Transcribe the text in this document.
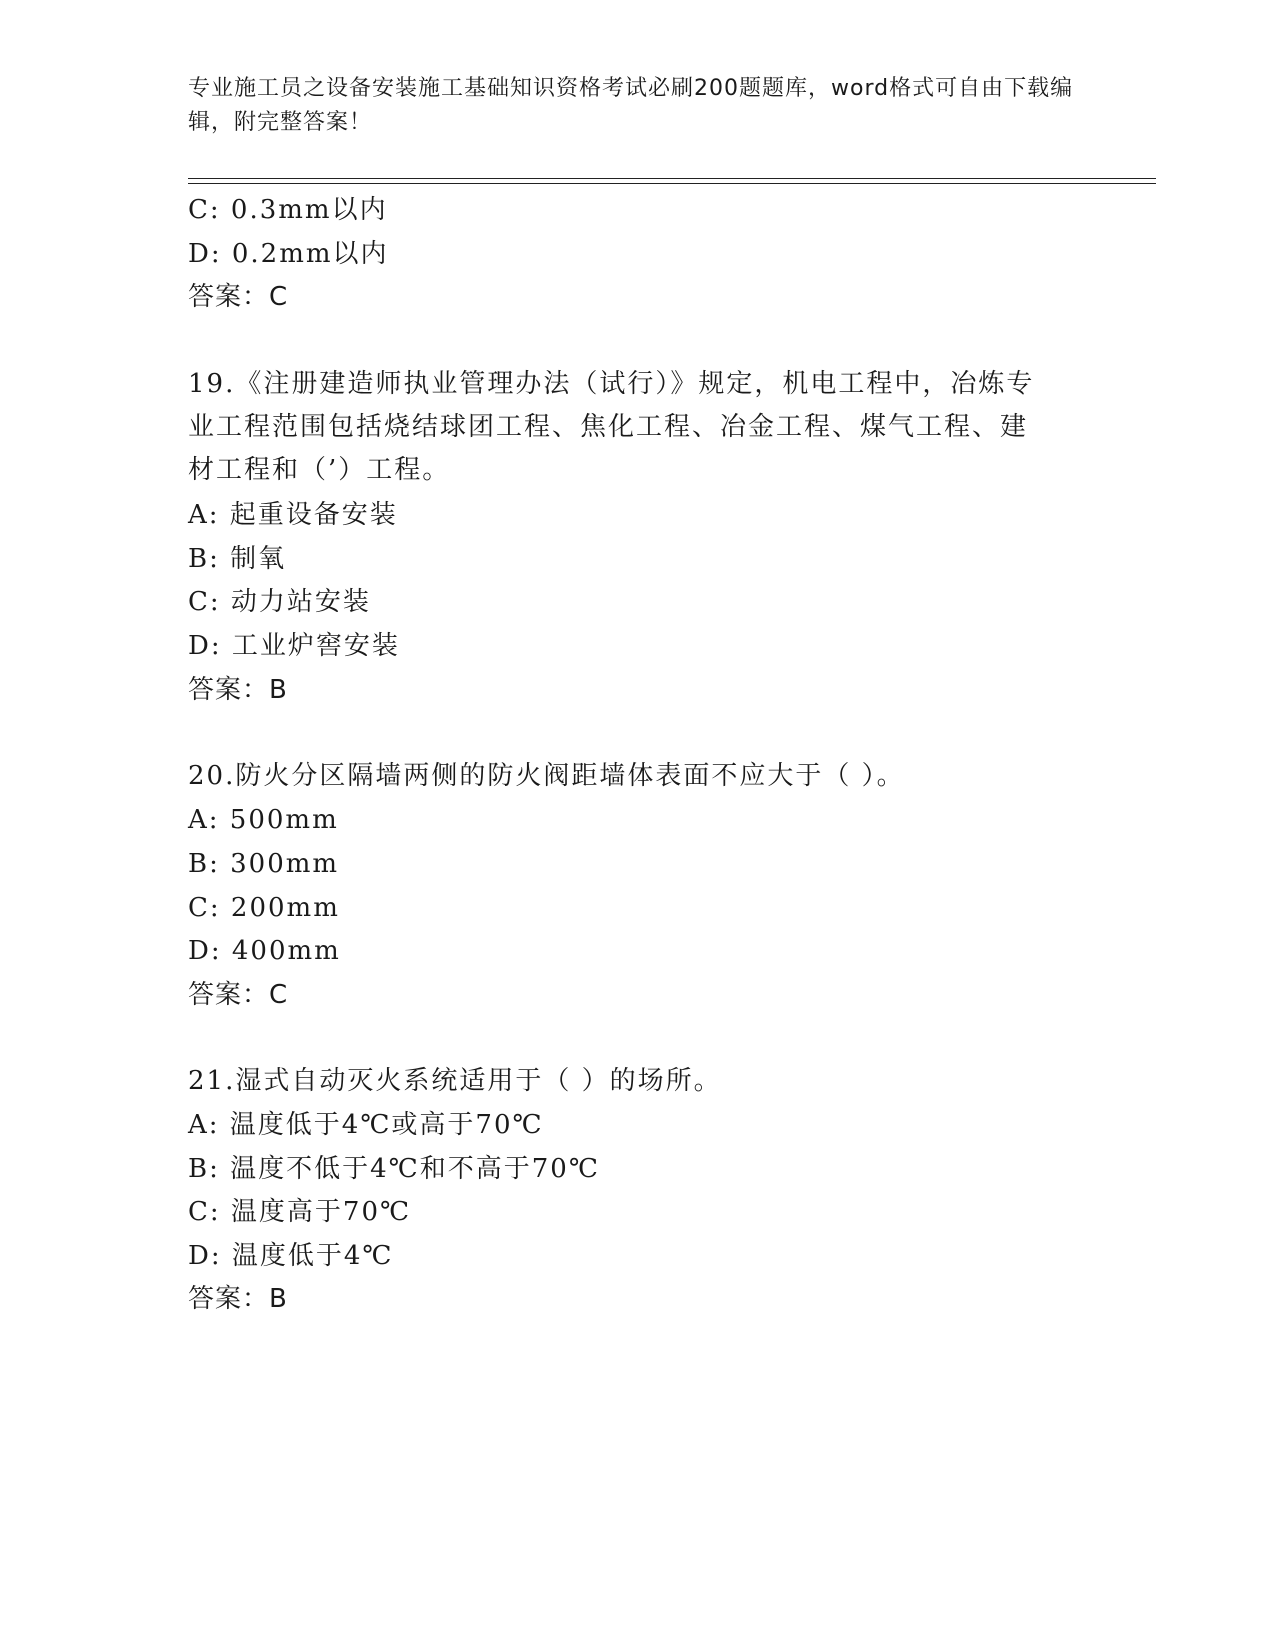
专业施工员之设备安装施工基础知识资格考试必刷200题题库，word格式可自由下载编辑，附完整答案！
C: 0.3mm以内
D: 0.2mm以内
答案：C
19.《注册建造师执业管理办法（试行）》规定，机电工程中，冶炼专
业工程范围包括烧结球团工程、焦化工程、冶金工程、煤气工程、建
材工程和（’）工程。
A: 起重设备安装
B: 制氧
C: 动力站安装
D: 工业炉窖安装
答案：B
20.防火分区隔墙两侧的防火阀距墙体表面不应大于（ ）。
A: 500mm
B: 300mm
C: 200mm
D: 400mm
答案：C
21.湿式自动灭火系统适用于（ ）的场所。
A: 温度低于4℃或高于70℃
B: 温度不低于4℃和不高于70℃
C: 温度高于70℃
D: 温度低于4℃
答案：B
